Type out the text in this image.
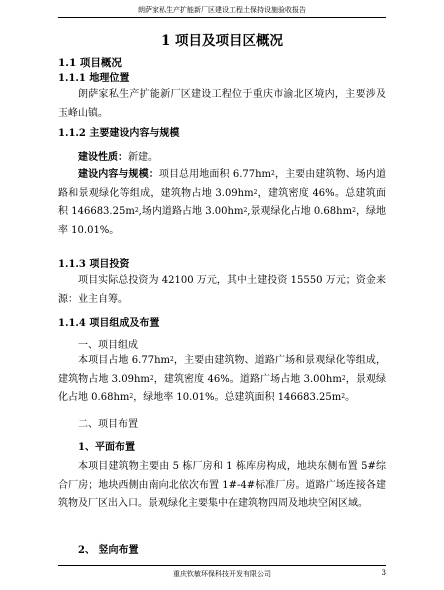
朗萨家私生产扩能新厂区建设工程土保持设施验收报告
1 项目及项目区概况
1.1 项目概况
1.1.1 地理位置
朗萨家私生产扩能新厂区建设工程位于重庆市渝北区境内，主要涉及玉峰山镇。
1.1.2 主要建设内容与规模
建设性质：新建。
建设内容与规模：项目总用地面积 $6.77hm^2$，主要由建筑物、场内道路和景观绿化等组成，建筑物占地 $3.09hm^2$，建筑密度 46%。总建筑面积 $146683.25m^2$,场内道路占地 $3.00hm^2$,景观绿化占地 $0.68hm^2$，绿地率 10.01%。
1.1.3 项目投资
项目实际总投资为 42100 万元，其中土建投资 15550 万元；资金来源：业主自筹。
1.1.4 项目组成及布置
一、项目组成
本项目占地 $6.77hm^2$，主要由建筑物、道路广场和景观绿化等组成，建筑物占地 $3.09hm^2$，建筑密度 46%。道路广场占地 $3.00hm^2$，景观绿化占地 $0.68hm^2$，绿地率 10.01%。总建筑面积 $146683.25m^2$。
二、项目布置
1、平面布置
本项目建筑物主要由 5 栋厂房和 1 栋库房构成，地块东侧布置 5#综合厂房；地块西侧由南向北依次布置 1#-4#标准厂房。道路广场连接各建筑物及厂区出入口。景观绿化主要集中在建筑物四周及地块空闲区域。
2、 竖向布置
重庆钦敏环保科技开发有限公司	3
